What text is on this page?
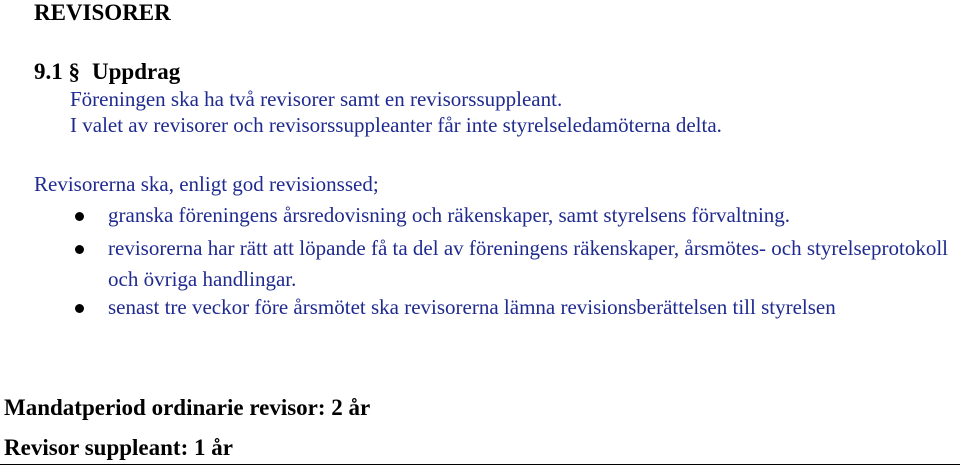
REVISORER
9.1 § Uppdrag
Föreningen ska ha två revisorer samt en revisorssuppleant.
I valet av revisorer och revisorssuppleanter får inte styrelseledamöterna delta.
Revisorerna ska, enligt god revisionssed;
granska föreningens årsredovisning och räkenskaper, samt styrelsens förvaltning.
revisorerna har rätt att löpande få ta del av föreningens räkenskaper, årsmötes- och styrelseprotokoll och övriga handlingar.
senast tre veckor före årsmötet ska revisorerna lämna revisionsberättelsen till styrelsen
Mandatperiod ordinarie revisor: 2 år
Revisor suppleant: 1 år
